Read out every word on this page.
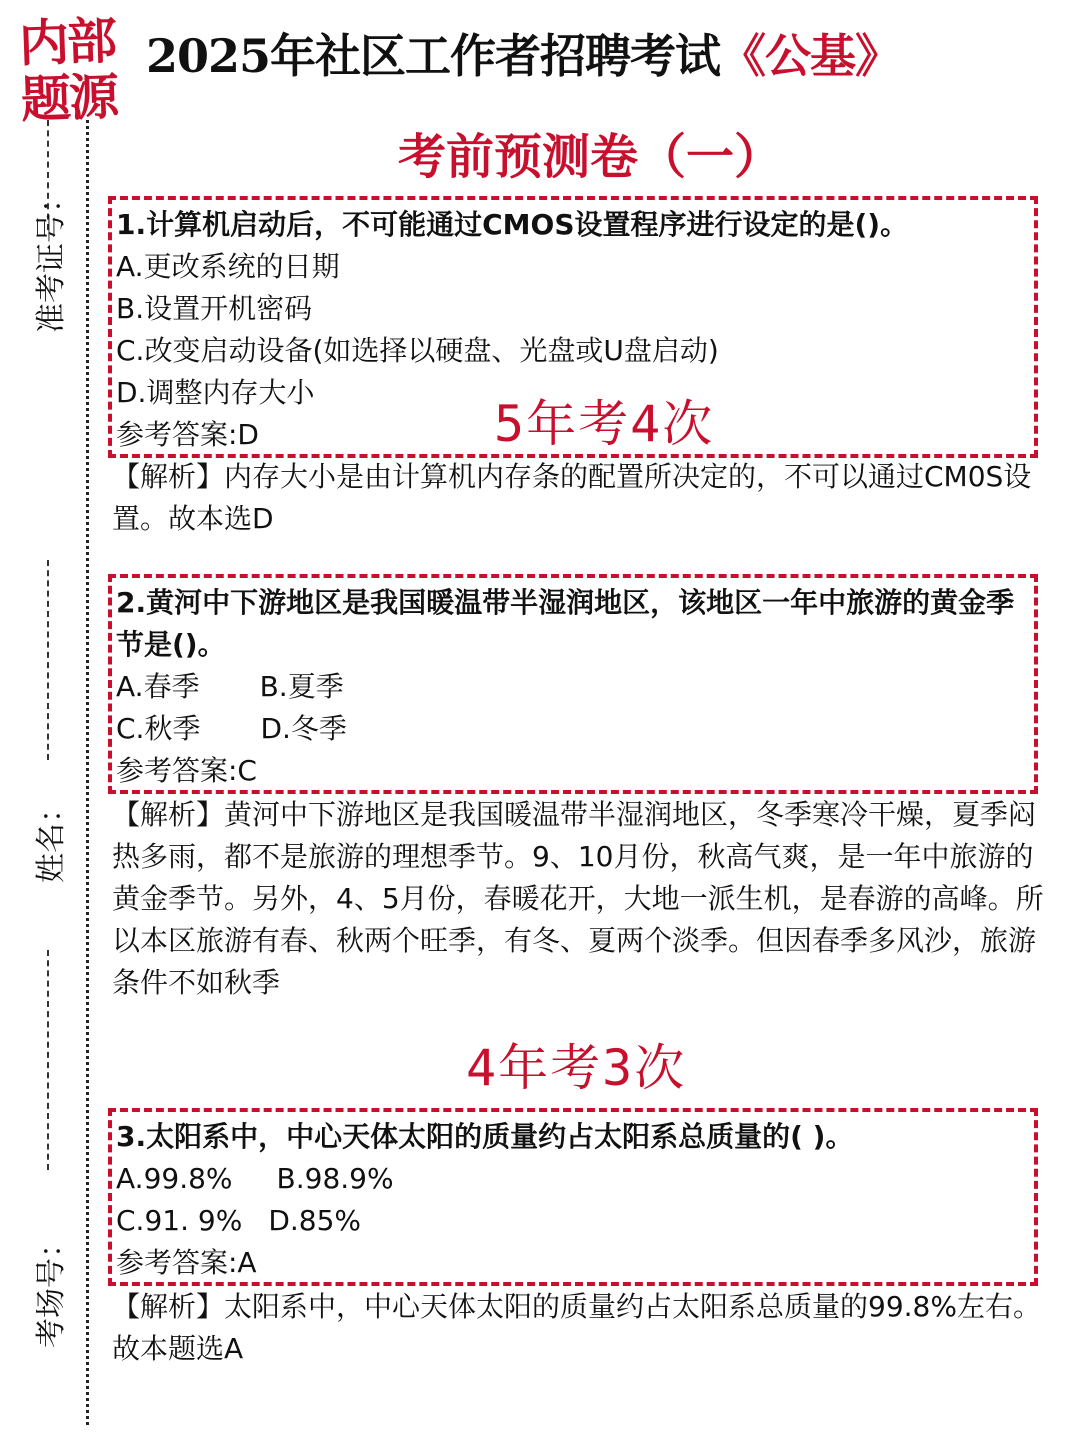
内部题源
2025年社区工作者招聘考试《公基》
考前预测卷（一）
准考证号：
姓名：
考场号：
1.计算机启动后，不可能通过CMOS设置程序进行设定的是()。
A.更改系统的日期
B.设置开机密码
C.改变启动设备(如选择以硬盘、光盘或U盘启动)
D.调整内存大小
参考答案:D	5年考4次
【解析】内存大小是由计算机内存条的配置所决定的，不可以通过CM0S设置。故本选D
2.黄河中下游地区是我国暖温带半湿润地区，该地区一年中旅游的黄金季节是()。
A.春季 B.夏季
C.秋季 D.冬季
参考答案:C
【解析】黄河中下游地区是我国暖温带半湿润地区，冬季寒冷干燥，夏季闷热多雨，都不是旅游的理想季节。9、10月份，秋高气爽，是一年中旅游的黄金季节。另外，4、5月份，春暖花开，大地一派生机，是春游的高峰。所以本区旅游有春、秋两个旺季，有冬、夏两个淡季。但因春季多风沙，旅游条件不如秋季
4年考3次
3.太阳系中，中心天体太阳的质量约占太阳系总质量的( )。
A.99.8% B.98.9%
C.91. 9% D.85%
参考答案:A
【解析】太阳系中，中心天体太阳的质量约占太阳系总质量的99.8%左右。故本题选A
